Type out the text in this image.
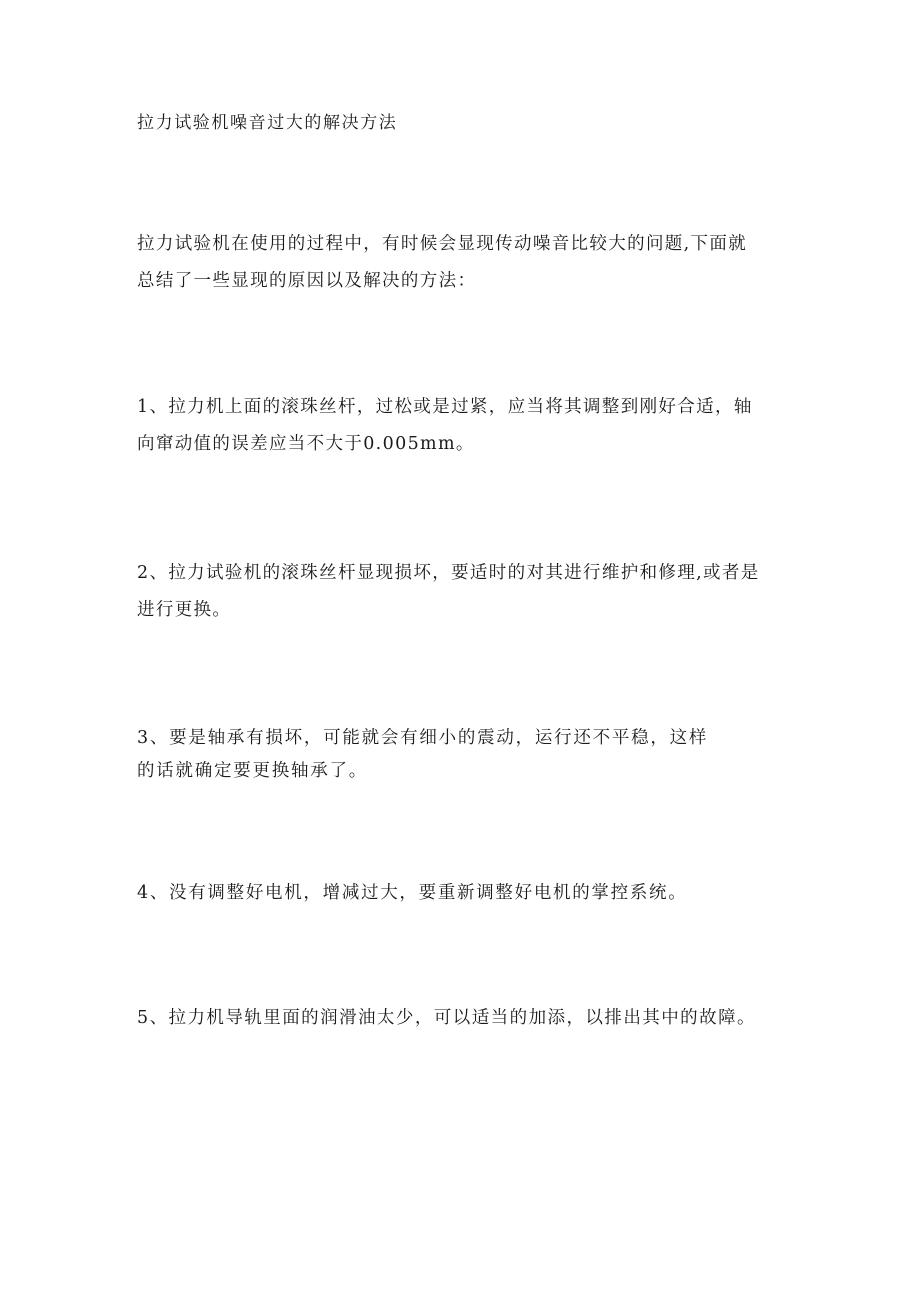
拉力试验机噪音过大的解决方法

拉力试验机在使用的过程中，有时候会显现传动噪音比较大的问题,下面就
总结了一些显现的原因以及解决的方法：

1、拉力机上面的滚珠丝杆，过松或是过紧，应当将其调整到刚好合适，轴
向窜动值的误差应当不大于0.005mm。

2、拉力试验机的滚珠丝杆显现损坏，要适时的对其进行维护和修理,或者是
进行更换。

3、要是轴承有损坏，可能就会有细小的震动，运行还不平稳，这样
的话就确定要更换轴承了。

4、没有调整好电机，增减过大，要重新调整好电机的掌控系统。

5、拉力机导轨里面的润滑油太少，可以适当的加添，以排出其中的故障。
